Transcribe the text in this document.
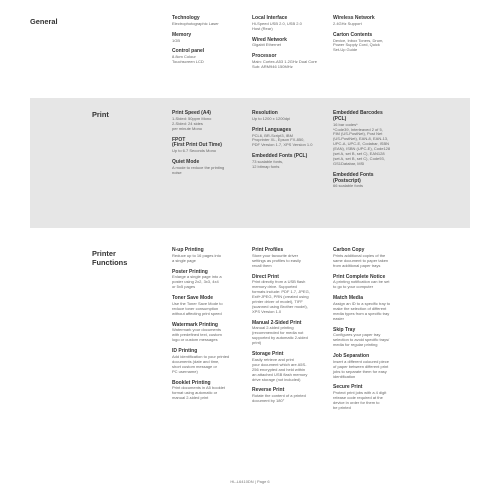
General	Technology
Electrophotographic Laser
Memory
1GB
Control panel
8.8cm Colour
Touchscreen LCD
Local Interface
Hi-Speed USB 2.0, USB 2.0
Host (Rear)
Wired Network
Gigabit Ethernet
Processor
Main: Cortex-A53 1.2GHz Dual Core
Sub: ARM946 150MHz
Wireless Network
2.4GHz Support
Carton Contents
Device, Inbox Toners, Drum,
Power Supply Cord, Quick
Set-Up Guide
Print	Print Speed (A4)
1-Sided: 50ppm Mono
2-Sided: 24 sides
per minute Mono
FPOT
(First Print Out Time)
Up to 6.7 Seconds Mono
Quiet Mode
A mode to reduce the printing
noise
Resolution
Up to 1200 x 1200dpi
Print Languages
PCL6, BR-Script3, IBM
Proprinter XL, Epson FX-850,
PDF Version 1.7, XPS Version 1.0
Embedded Fonts (PCL)
73 scalable fonts,
12 bitmap fonts
Embedded Barcodes
(PCL)
16 bar codes*
*Code39, Interleaved 2 of 5,
FIM (US-PostNet), Post Net
(US-PostNet), EAN-8, EAN-13,
UPC-A, UPC-E, Codabar, ISBN
(EAN), ISBN (UPC-E), Code128
(set A, set B, set C), EAN128
(set A, set B, set C), Code93,
GS1Databar, MSI
Embedded Fonts
(Postscript)
66 scalable fonts
Printer
Functions
N-up Printing
Reduce up to 16 pages into
a single page
Poster Printing
Enlarge a single page into a
poster using 2x2, 3x3, 4x4
or 5x5 pages
Toner Save Mode
Use the Toner Save Mode to
reduce toner consumption
without affecting print speed
Watermark Printing
Watermark your documents
with predefined text, custom
logo or custom messages
ID Printing
Add identification to your printed
documents (date and time,
short custom message or
PC username)
Booklet Printing
Print documents in A5 booklet
format using automatic or
manual 2-sided print
Print Profiles
Store your favourite driver
settings as profiles to easily
recall them
Direct Print
Print directly from a USB flash
memory drive. Supported
formats include: PDF 1.7, JPEG,
Exif+JPEG, PRN (created using
printer driver of model), TIFF
(scanned using Brother model),
XPS Version 1.0
Manual 2-Sided Print
Manual 2-sided printing
(recommended for media not
supported by automatic 2-sided
print)
Storage Print
Easily retrieve and print
your document which are A5S-
256 encrypted and held within
an attached USB flash memory
drive storage (not included)
Reverse Print
Rotate the content of a printed
document by 180°
Carbon Copy
Prints additional copies of the
same document to paper taken
from additional paper trays
Print Complete Notice
A printing notification can be set
to go to your computer
Match Media
Assign an ID to a specific tray to
make the selection of different
media types from a specific tray
easier
Skip Tray
Configures your paper tray
selection to avoid specific trays/
media for regular printing
Job Separation
Insert a different coloured piece
of paper between different print
jobs to separate them for easy
identification
Secure Print
Protect print jobs with a 4 digit
release code required at the
device in order for them to
be printed
HL-L6410DN | Page 6
